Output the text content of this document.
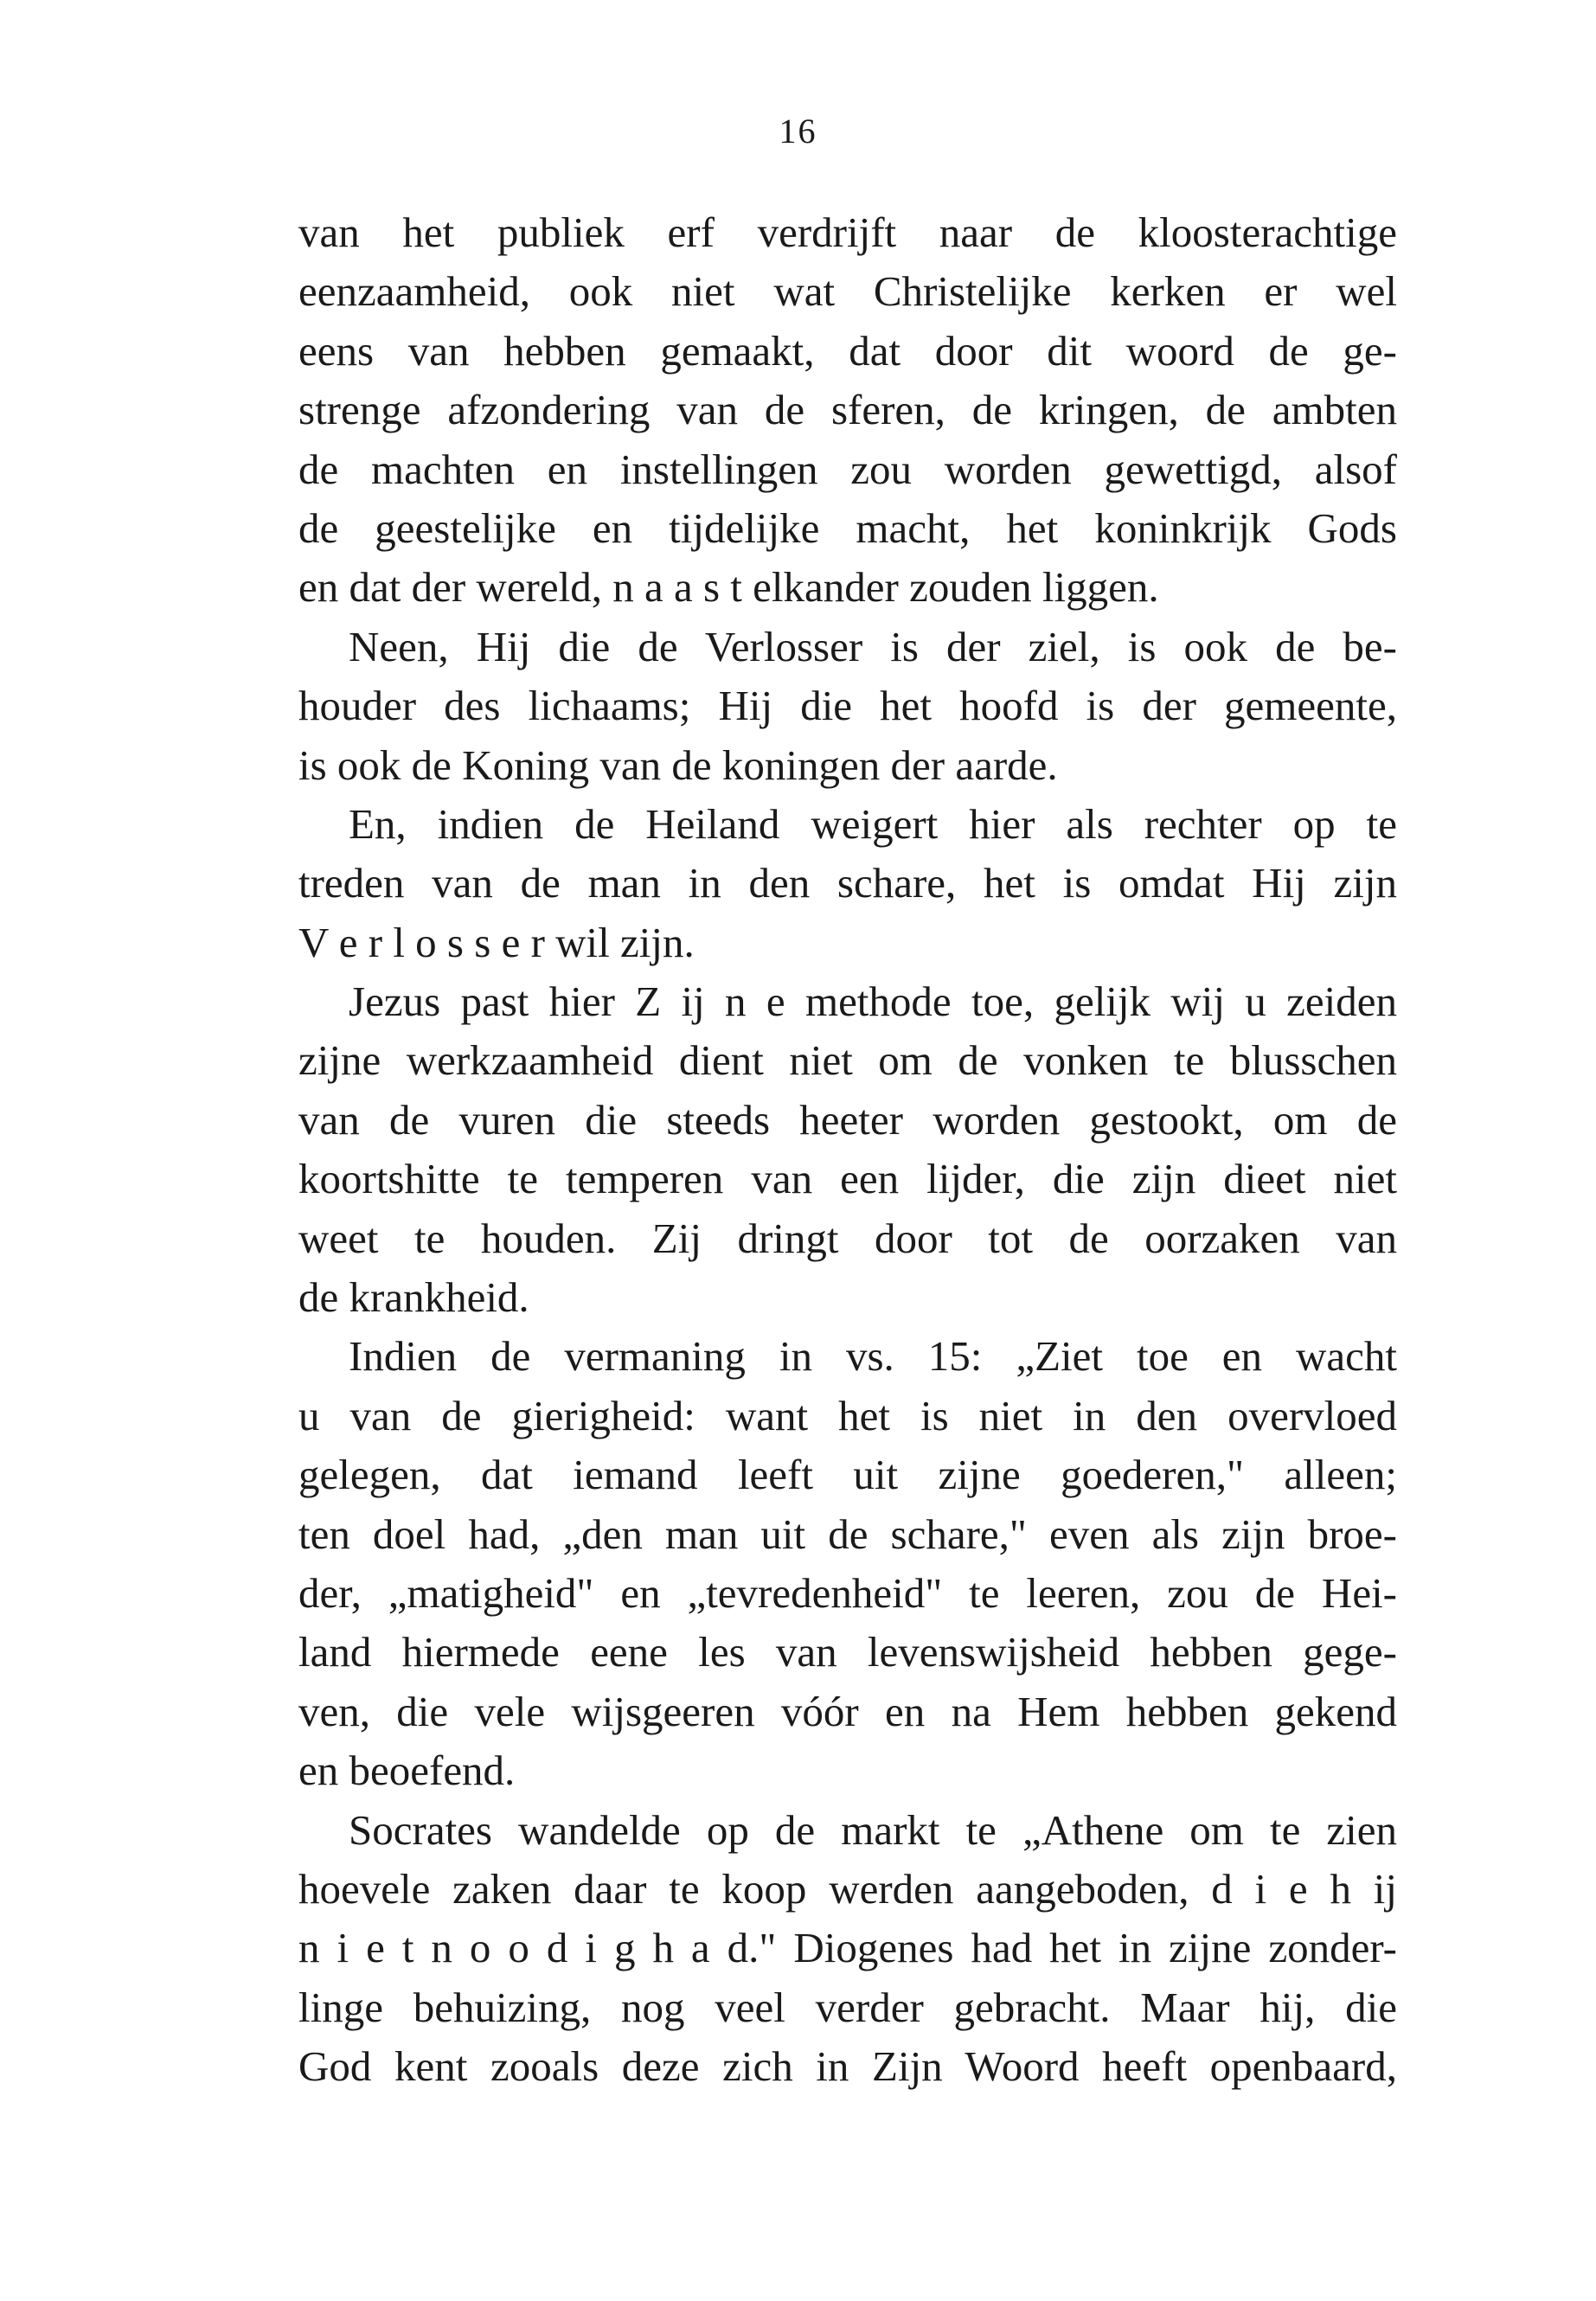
16
van het publiek erf verdrijft naar de kloosterachtige
eenzaamheid, ook niet wat Christelijke kerken er wel
eens van hebben gemaakt, dat door dit woord de ge-
strenge afzondering van de sferen, de kringen, de ambten
de machten en instellingen zou worden gewettigd, alsof
de geestelijke en tijdelijke macht, het koninkrijk Gods
en dat der wereld, n a a s t elkander zouden liggen.
Neen, Hij die de Verlosser is der ziel, is ook de be-
houder des lichaams; Hij die het hoofd is der gemeente,
is ook de Koning van de koningen der aarde.
En, indien de Heiland weigert hier als rechter op te
treden van de man in den schare, het is omdat Hij zijn
V e r l o s s e r wil zijn.
Jezus past hier Z ij n e methode toe, gelijk wij u zeiden
zijne werkzaamheid dient niet om de vonken te blusschen
van de vuren die steeds heeter worden gestookt, om de
koortshitte te temperen van een lijder, die zijn dieet niet
weet te houden. Zij dringt door tot de oorzaken van
de krankheid.
Indien de vermaning in vs. 15: „Ziet toe en wacht
u van de gierigheid: want het is niet in den overvloed
gelegen, dat iemand leeft uit zijne goederen," alleen;
ten doel had, „den man uit de schare," even als zijn broe-
der, „matigheid" en „tevredenheid" te leeren, zou de Hei-
land hiermede eene les van levenswijsheid hebben gege-
ven, die vele wijsgeeren vóór en na Hem hebben gekend
en beoefend.
Socrates wandelde op de markt te „Athene om te zien
hoevele zaken daar te koop werden aangeboden, d i e h ij
n i e t n o o d i g h a d." Diogenes had het in zijne zonder-
linge behuizing, nog veel verder gebracht. Maar hij, die
God kent zooals deze zich in Zijn Woord heeft openbaard,
